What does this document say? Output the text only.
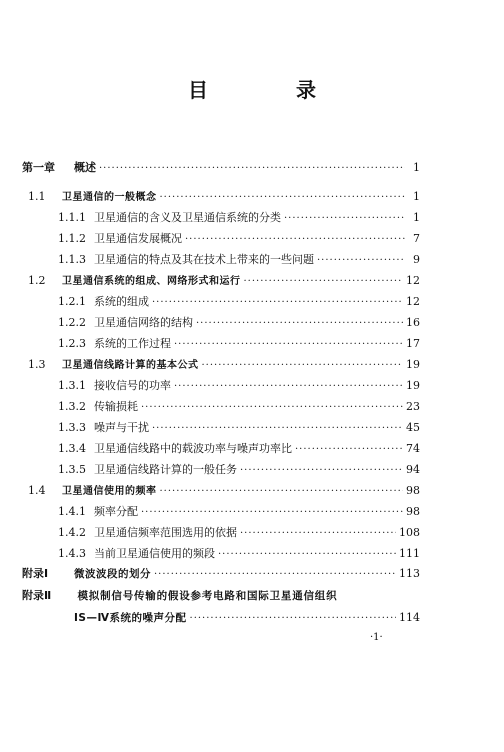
目　录
第一章	概述 ·····	1
1.1	卫星通信的一般概念 ·····	1
1.1.1 卫星通信的含义及卫星通信系统的分类 ·····	1
1.1.2 卫星通信发展概况 ·····	7
1.1.3 卫星通信的特点及其在技术上带来的一些问题 ·····	9
1.2	卫星通信系统的组成、网络形式和运行 ·····	12
1.2.1 系统的组成 ·····	12
1.2.2 卫星通信网络的结构 ·····	16
1.2.3 系统的工作过程 ·····	17
1.3	卫星通信线路计算的基本公式 ·····	19
1.3.1 接收信号的功率 ·····	19
1.3.2 传输损耗 ·····	23
1.3.3 噪声与干扰 ·····	45
1.3.4 卫星通信线路中的载波功率与噪声功率比 ·····	74
1.3.5 卫星通信线路计算的一般任务 ·····	94
1.4	卫星通信使用的频率 ·····	98
1.4.1 频率分配 ·····	98
1.4.2 卫星通信频率范围选用的依据 ·····	108
1.4.3 当前卫星通信使用的频段 ·····	111
附录Ⅰ	微波波段的划分 ·····	113
附录Ⅱ	模拟制信号传输的假设参考电路和国际卫星通信组织
IS—Ⅳ系统的噪声分配 ·····	114
·1·
